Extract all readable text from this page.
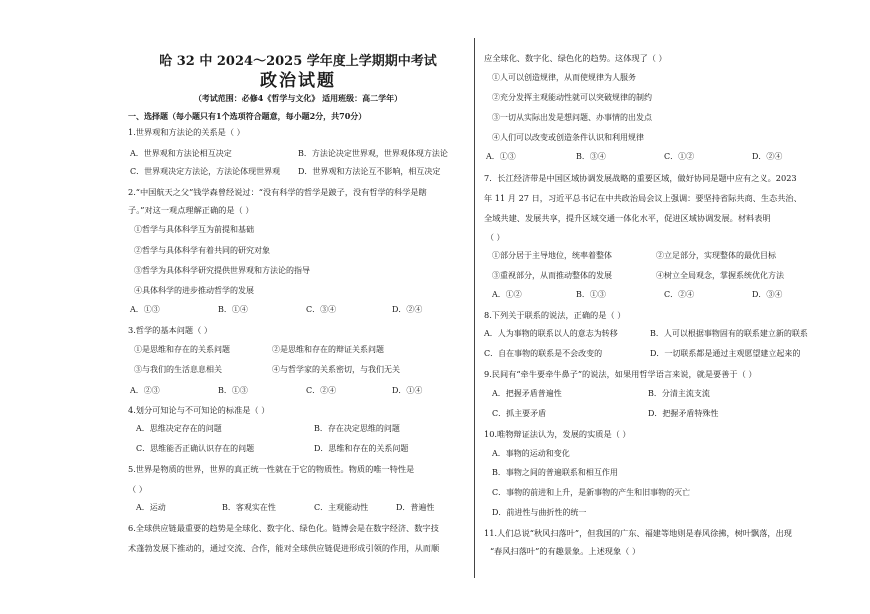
哈 32 中 2024～2025 学年度上学期期中考试
政治试题
（考试范围：必修4《哲学与文化》 适用班级：高二学年）
一、选择题（每小题只有1个选项符合题意，每小题2分，共70分）
1.世界观和方法论的关系是（ ）
A．世界观和方法论相互决定	B．方法论决定世界观，世界观体现方法论
C．世界观决定方法论，方法论体现世界观 D．世界观和方法论互不影响，相互决定
2.“中国航天之父”钱学森曾经说过：“没有科学的哲学是跛子，没有哲学的科学是瞎
子。”对这一观点理解正确的是（ ）
①哲学与具体科学互为前提和基础
②哲学与具体科学有着共同的研究对象
③哲学为具体科学研究提供世界观和方法论的指导
④具体科学的进步推动哲学的发展
A．①③	B．①④	C．③④	D．②④
3.哲学的基本问题（ ）
①是思维和存在的关系问题	②是思维和存在的辩证关系问题
③与我们的生活息息相关	④与哲学家的关系密切，与我们无关
A．②③	B．①③	C．②④	D．①④
4.划分可知论与不可知论的标准是（ ）
A．思维决定存在的问题	B．存在决定思维的问题
C．思维能否正确认识存在的问题	D．思维和存在的关系问题
5.世界是物质的世界，世界的真正统一性就在于它的物质性。物质的唯一特性是
（ ）
A．运动	B．客观实在性	C．主观能动性	D．普遍性
6.全球供应链最重要的趋势是全球化、数字化、绿色化。链博会是在数字经济、数字技
术蓬勃发展下推动的，通过交流、合作，能对全球供应链促进形成引领的作用，从而顺
应全球化、数字化、绿色化的趋势。这体现了（ ）
①人可以创造规律，从而使规律为人服务
②充分发挥主观能动性就可以突破规律的制约
③一切从实际出发是想问题、办事情的出发点
④人们可以改变或创造条件认识和利用规律
A．①③	B．③④	C．①②	D．②④
7．长江经济带是中国区域协调发展战略的重要区域，做好协同是题中应有之义。2023
年 11 月 27 日，习近平总书记在中共政治局会议上强调：要坚持省际共商、生态共治、
全域共建、发展共享，提升区域交通一体化水平，促进区域协调发展。材料表明
（ ）
①部分居于主导地位，统率着整体	②立足部分，实现整体的最优目标
③重视部分，从而推动整体的发展	④树立全局观念，掌握系统优化方法
A．①②	B．①③	C．②④	D．③④
8.下列关于联系的说法，正确的是（ ）
A．人为事物的联系以人的意志为转移	B．人可以根据事物固有的联系建立新的联系
C．自在事物的联系是不会改变的	D．一切联系都是通过主观愿望建立起来的
9.民间有“牵牛要牵牛鼻子”的说法，如果用哲学语言来说，就是要善于（ ）
A．把握矛盾普遍性	B．分清主流支流
C．抓主要矛盾	D．把握矛盾特殊性
10.唯物辩证法认为，发展的实质是（ ）
A．事物的运动和变化
B．事物之间的普遍联系和相互作用
C．事物的前进和上升，是新事物的产生和旧事物的灭亡
D．前进性与曲折性的统一
11.人们总说“秋风扫落叶”，但我国的广东、福建等地则是春风徐拂，树叶飘落，出现
“春风扫落叶”的有趣景象。上述现象（ ）
